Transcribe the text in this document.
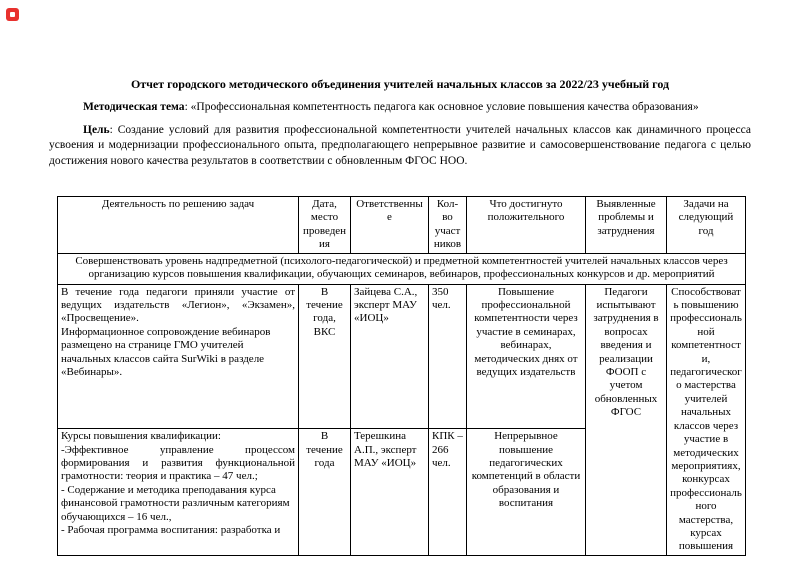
Отчет городского методического объединения учителей начальных классов за 2022/23 учебный год

Методическая тема: «Профессиональная компетентность педагога как основное условие повышения качества образования»

Цель: Создание условий для развития профессиональной компетентности учителей начальных классов как динамичного процесса усвоения и модернизации профессионального опыта, предполагающего непрерывное развитие и самосовершенствование педагога с целью достижения нового качества результатов в соответствии с обновленным ФГОС НОО.

Деятельность по решению задач	Дата, место проведения	Ответственные	Кол-во участников	Что достигнуто положительного	Выявленные проблемы и затруднения	Задачи на следующий год
Совершенствовать уровень надпредметной (психолого-педагогической) и предметной компетентностей учителей начальных классов через организацию курсов повышения квалификации, обучающих семинаров, вебинаров, профессиональных конкурсов и др. мероприятий						

В течение года педагоги приняли участие от ведущих издательств «Легион», «Экзамен», «Просвещение».

Информационное сопровождение вебинаров размещено на странице ГМО учителей начальных классов сайта SurWiki в разделе «Вебинары».

	В течение года, ВКС	Зайцева С.А., эксперт МАУ «ИОЦ»	350 чел.	Повышение профессиональной компетентности через участие в семинарах, вебинарах, методических днях от ведущих издательств	Педагоги испытывают затруднения в вопросах введения и реализации ФООП с учетом обновленных ФГОС	Способствовать повышению профессиональной компетентности, педагогического мастерства учителей начальных классов через участие в методических мероприятиях, конкурсах профессионального мастерства, курсах повышения

Курсы повышения квалификации:

-Эффективное управление процессом формирования и развития функциональной грамотности: теория и практика – 47 чел.;

- Содержание и методика преподавания курса финансовой грамотности различным категориям обучающихся – 16 чел.,

- Рабочая программа воспитания: разработка и	В течение года	Терешкина А.П., эксперт МАУ «ИОЦ»	КПК – 266 чел.	Непрерывное повышение педагогических компетенций в области образования и воспитания		
